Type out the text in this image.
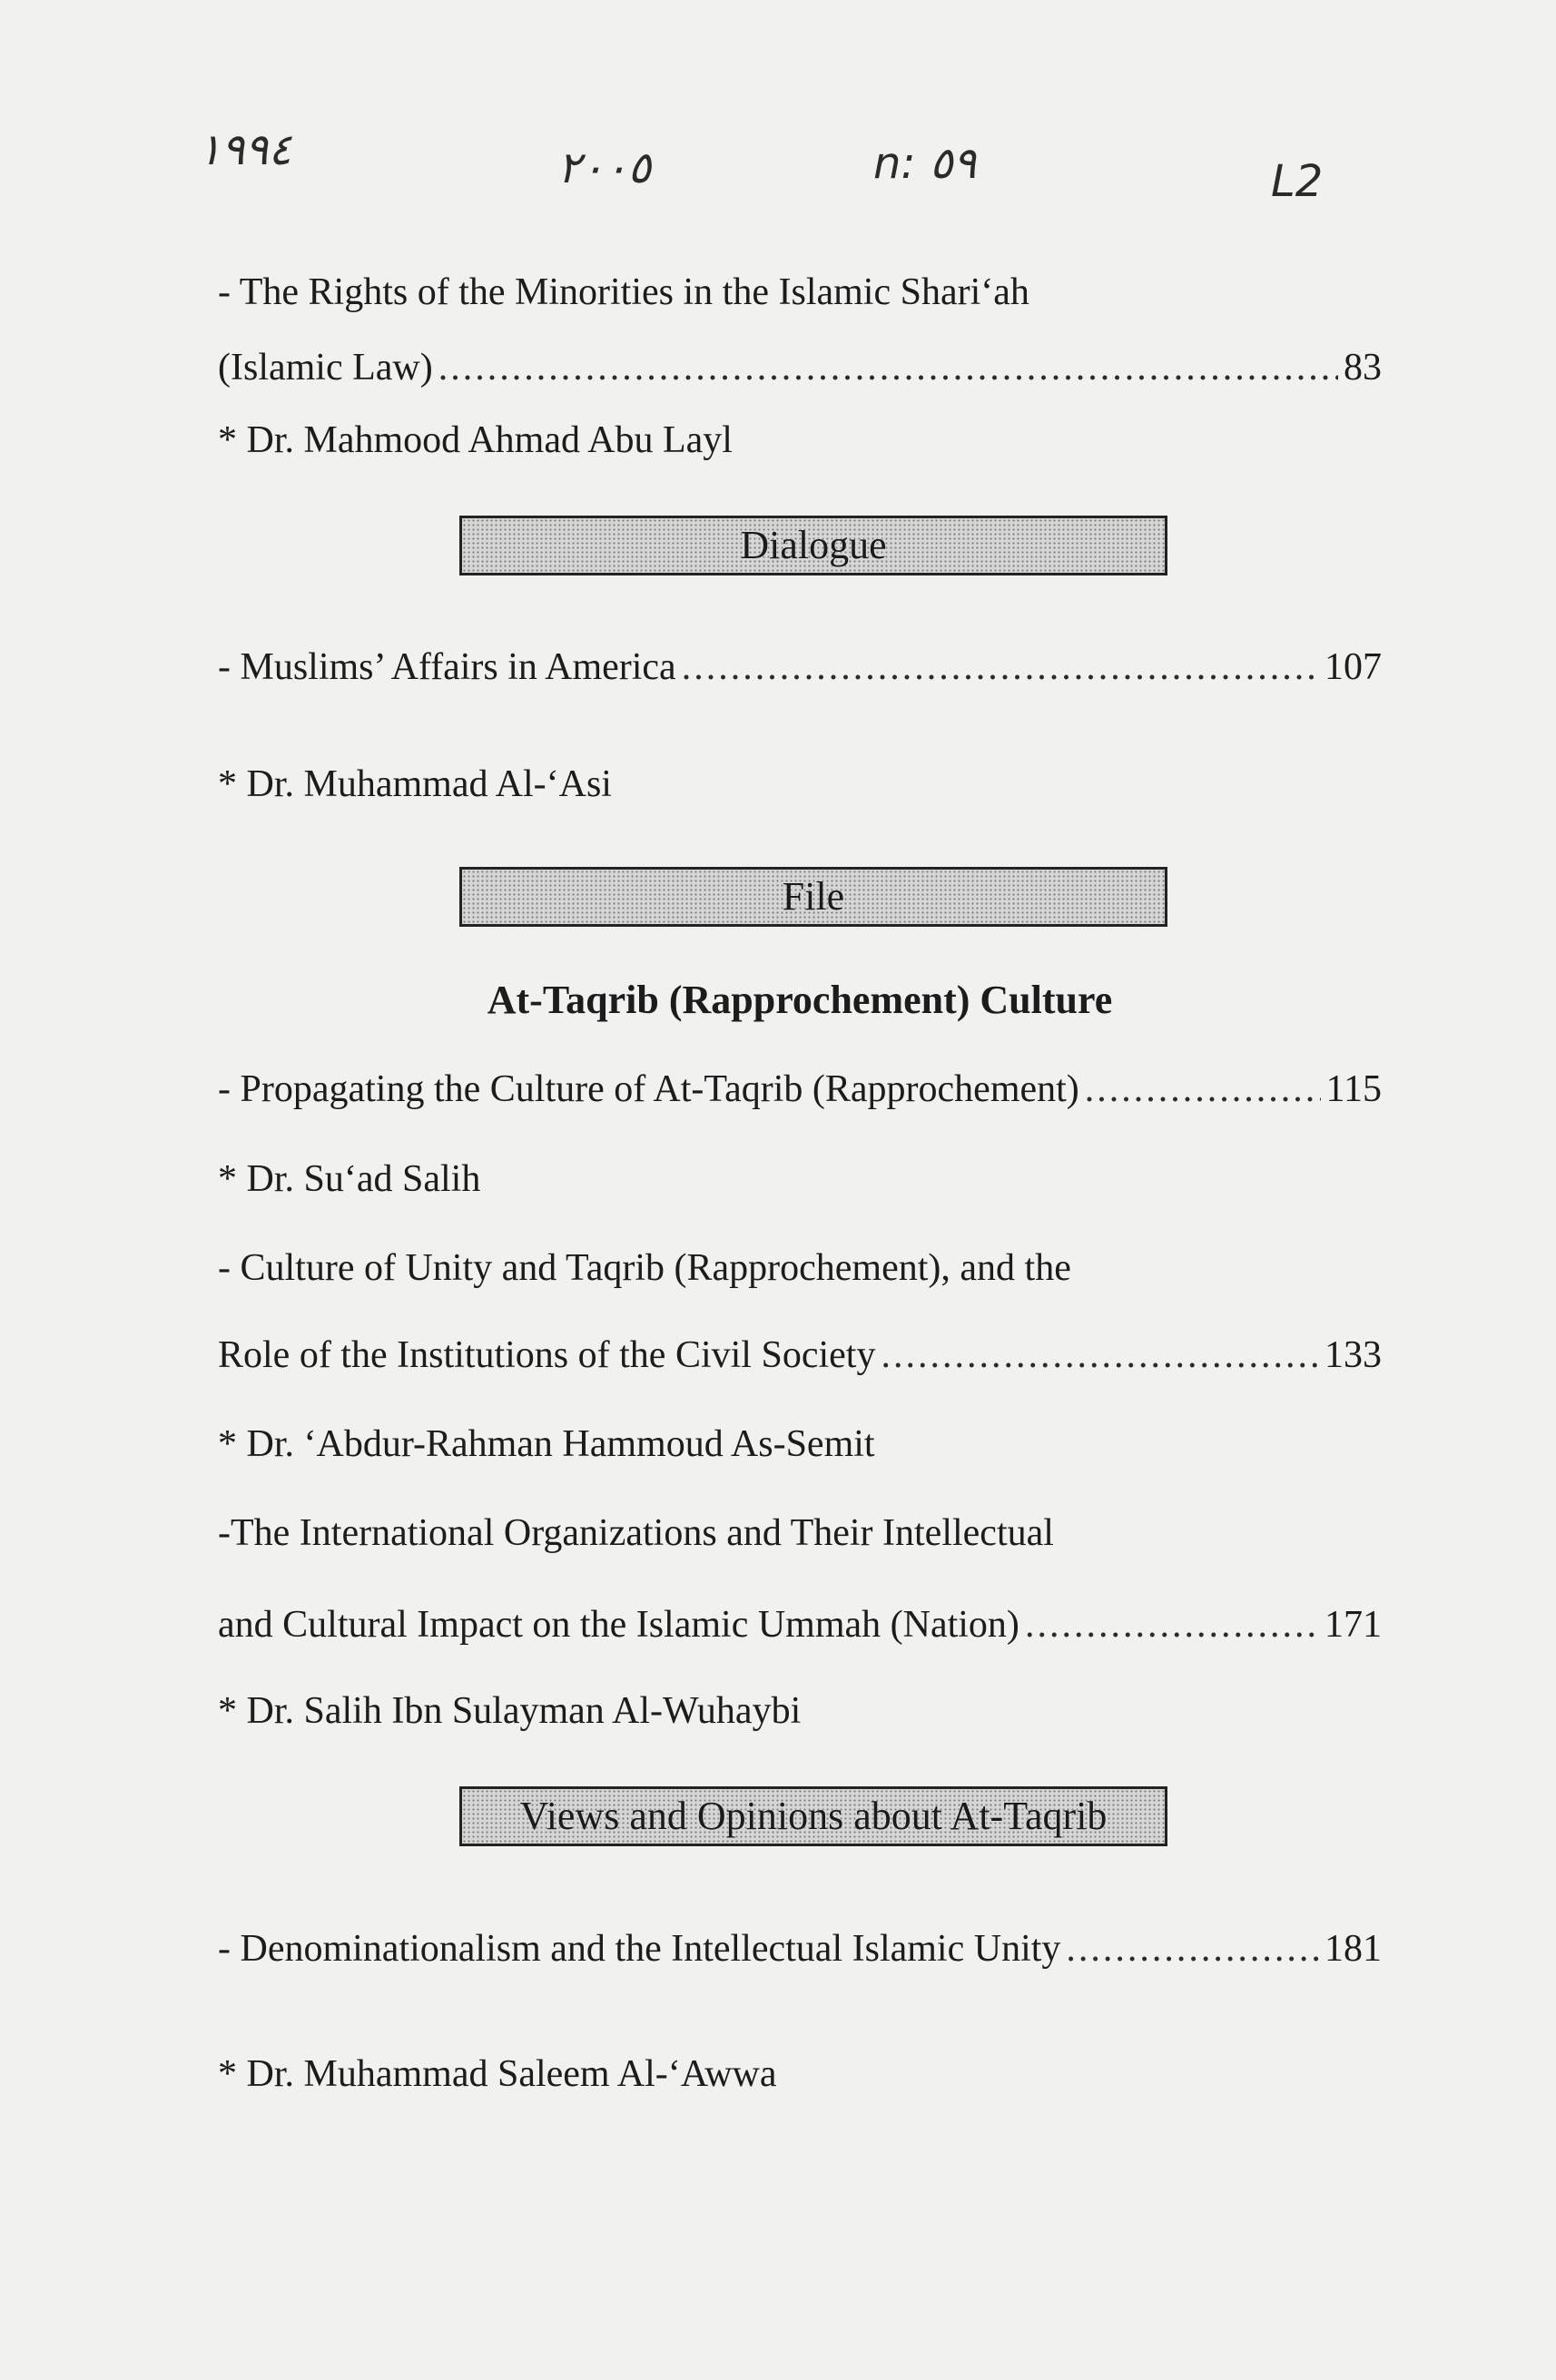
١٩٩٤	٢٠٠٥	n: ٥٩	L2
- The Rights of the Minorities in the Islamic Shari‘ah
(Islamic Law) .....	83
* Dr. Mahmood Ahmad Abu Layl
Dialogue
- Muslims’ Affairs in America .....	107
* Dr. Muhammad Al-‘Asi
File
At-Taqrib (Rapprochement) Culture
- Propagating the Culture of At-Taqrib (Rapprochement) .....	115
* Dr. Su‘ad Salih
- Culture of Unity and Taqrib (Rapprochement), and the
Role of the Institutions of the Civil Society .....	133
* Dr. ‘Abdur-Rahman Hammoud As-Semit
-The International Organizations and Their Intellectual
and Cultural Impact on the Islamic Ummah (Nation) .....	171
* Dr. Salih Ibn Sulayman Al-Wuhaybi
Views and Opinions about At-Taqrib
- Denominationalism and the Intellectual Islamic Unity .....	181
* Dr. Muhammad Saleem Al-‘Awwa
